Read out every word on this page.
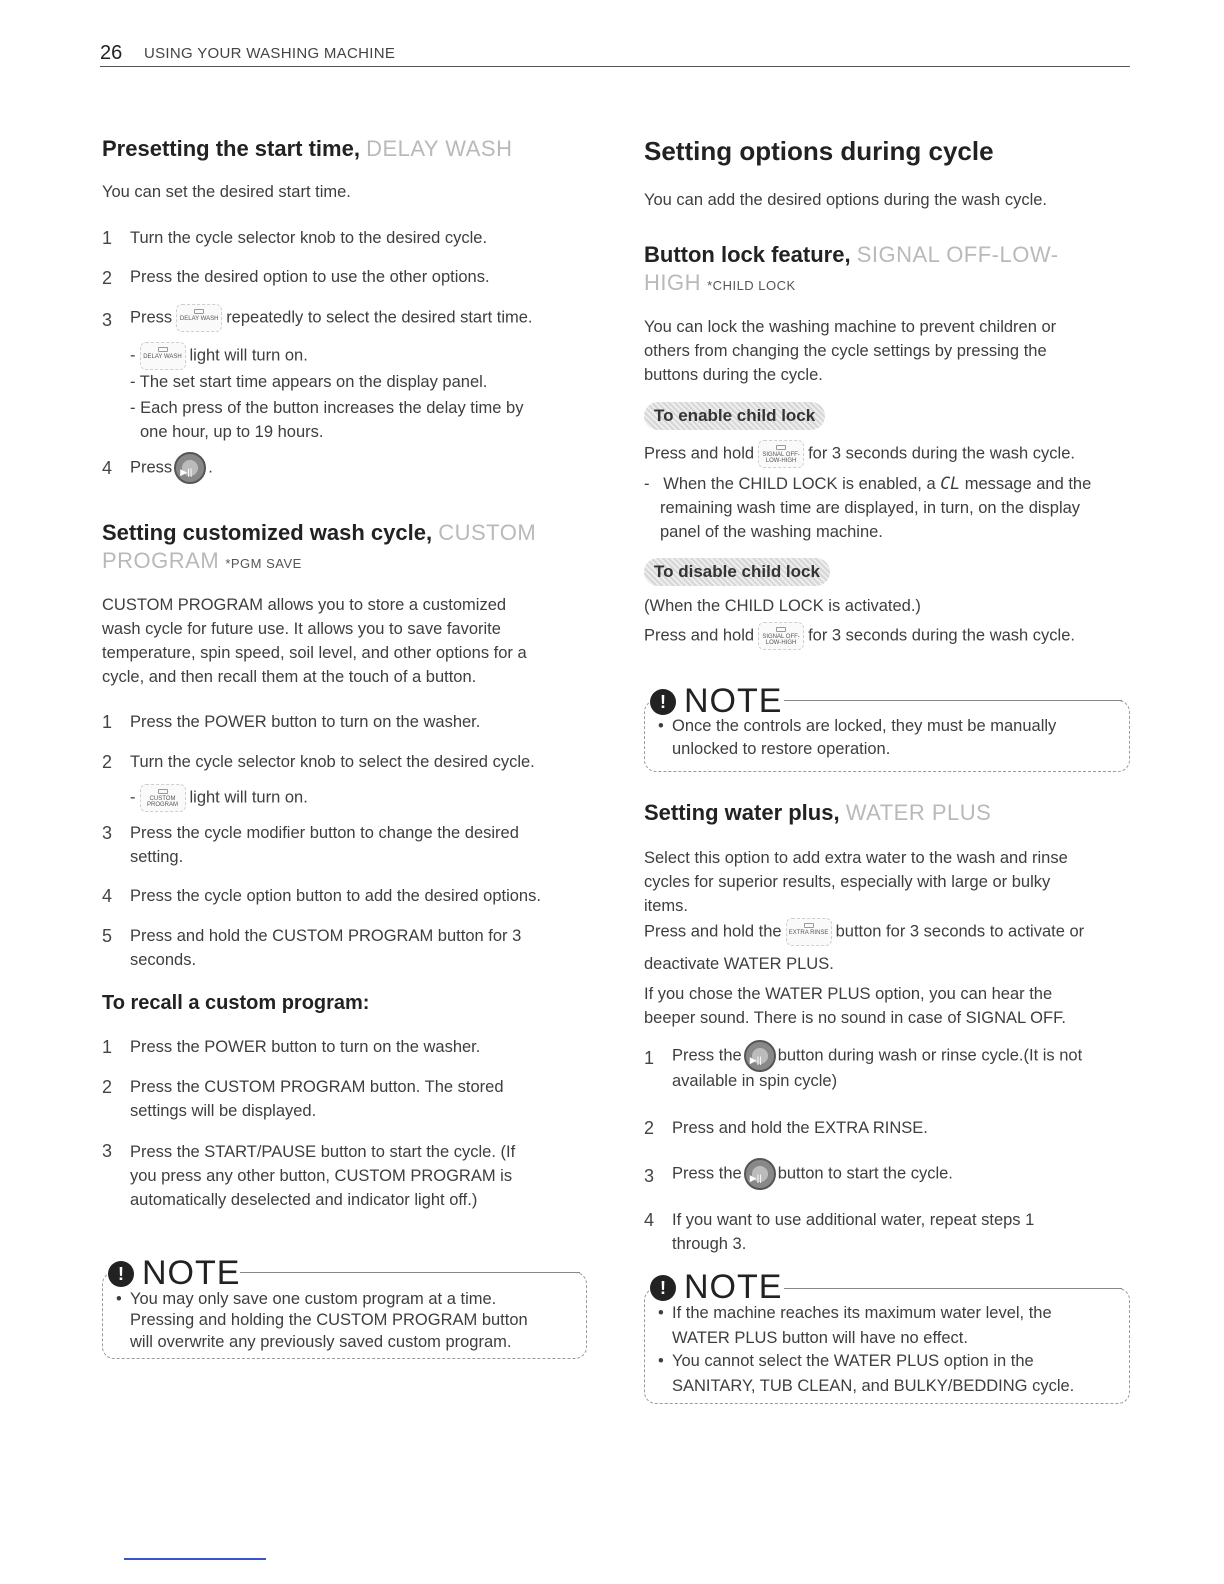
26 USING YOUR WASHING MACHINE
Presetting the start time, DELAY WASH

You can set the desired start time.

1 Turn the cycle selector knob to the desired cycle.

2 Press the desired option to use the other options.

3 Press	DELAY WASH repeatedly to select the desired start time.

-	DELAY WASH light will turn on.

- The set start time appears on the display panel.

- Each press of the button increases the delay time by

one hour, up to 19 hours.

4 Press ▶ǀǀ .

Setting customized wash cycle, CUSTOM
PROGRAM *PGM SAVE

CUSTOM PROGRAM allows you to store a customized

wash cycle for future use. It allows you to save favorite

temperature, spin speed, soil level, and other options for a

cycle, and then recall them at the touch of a button.

1 Press the POWER button to turn on the washer.

2 Turn the cycle selector knob to select the desired cycle.

-	CUSTOM PROGRAM light will turn on.

3 Press the cycle modifier button to change the desired

setting.

4 Press the cycle option button to add the desired options.

5 Press and hold the CUSTOM PROGRAM button for 3

seconds.

To recall a custom program:
1 Press the POWER button to turn on the washer.

2 Press the CUSTOM PROGRAM button. The stored

settings will be displayed.

3 Press the START/PAUSE button to start the cycle. (If

you press any other button, CUSTOM PROGRAM is

automatically deselected and indicator light off.)

! NOTE
• You may only save one custom program at a time.

Pressing and holding the CUSTOM PROGRAM button

will overwrite any previously saved custom program.

Setting options during cycle

You can add the desired options during the wash cycle.

Button lock feature, SIGNAL OFF-LOW-
HIGH *CHILD LOCK

You can lock the washing machine to prevent children or

others from changing the cycle settings by pressing the

buttons during the cycle.

To enable child lock

Press and hold	SIGNAL OFF-LOW-HIGH for 3 seconds during the wash cycle.

-   When the CHILD LOCK is enabled, a CL message and the

remaining wash time are displayed, in turn, on the display

panel of the washing machine.

To disable child lock

(When the CHILD LOCK is activated.)

Press and hold	SIGNAL OFF-LOW-HIGH for 3 seconds during the wash cycle.

! NOTE
• Once the controls are locked, they must be manually

unlocked to restore operation.

Setting water plus, WATER PLUS

Select this option to add extra water to the wash and rinse

cycles for superior results, especially with large or bulky

items.

Press and hold the	EXTRA RINSE button for 3 seconds to activate or

deactivate WATER PLUS.

If you chose the WATER PLUS option, you can hear the

beeper sound. There is no sound in case of SIGNAL OFF.

1 Press the ▶ǀǀ button during wash or rinse cycle.(It is not

available in spin cycle)

2 Press and hold the EXTRA RINSE.

3 Press the ▶ǀǀ button to start the cycle.

4 If you want to use additional water, repeat steps 1

through 3.

! NOTE
• If the machine reaches its maximum water level, the

WATER PLUS button will have no effect.

• You cannot select the WATER PLUS option in the

SANITARY, TUB CLEAN, and BULKY/BEDDING cycle.
